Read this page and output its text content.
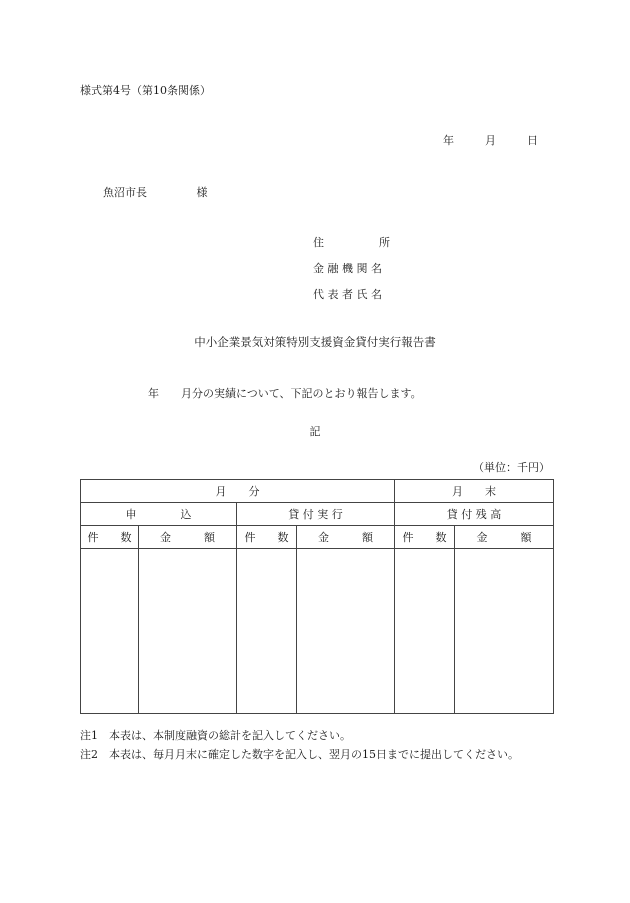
様式第4号（第10条関係）
年	月	日
魚沼市長	様
住　　　　　所
金 融 機 関 名
代 表 者 氏 名
中小企業景気対策特別支援資金貸付実行報告書
年　　月分の実績について、下記のとおり報告します。
記
（単位：千円）
月　　分				月　　末	
申　　　　込		貸 付 実 行		貸 付 残 高	
件　　数	金　　　額	件　　数	金　　　額	件　　数	金　　　額

注1　本表は、本制度融資の総計を記入してください。
注2　本表は、毎月月末に確定した数字を記入し、翌月の15日までに提出してください。
